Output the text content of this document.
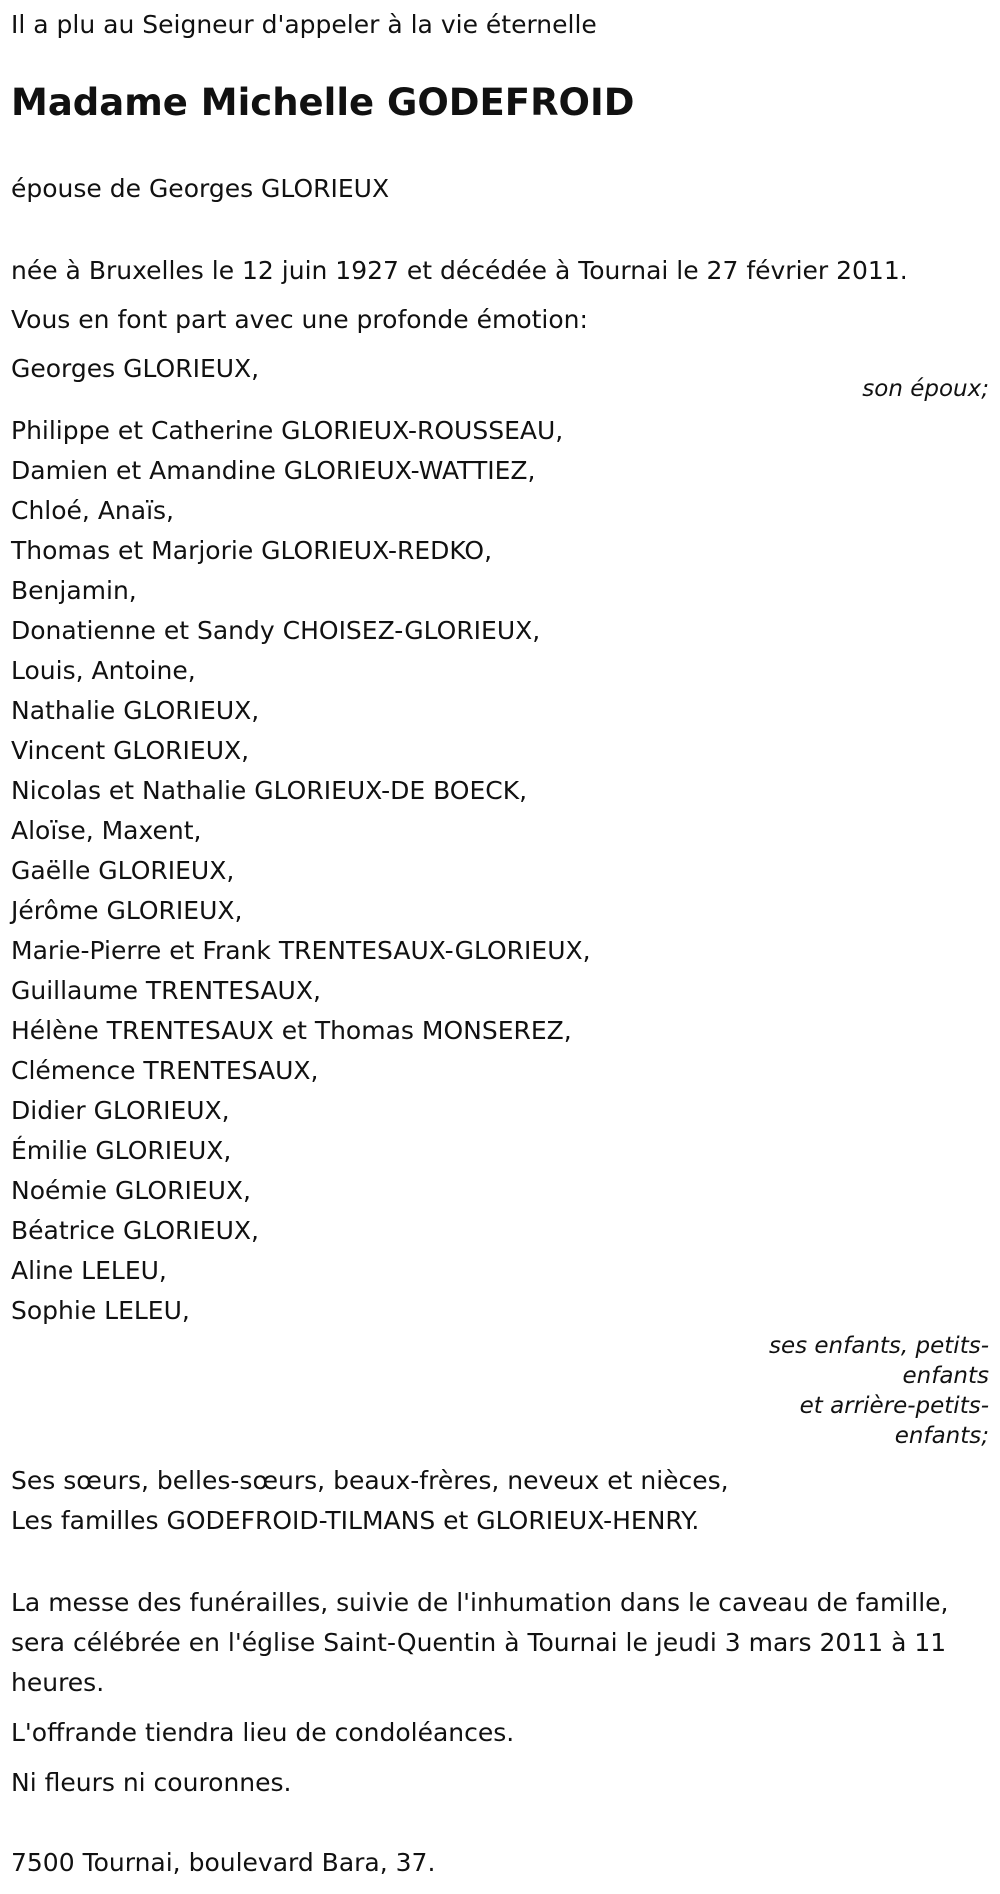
Il a plu au Seigneur d'appeler à la vie éternelle

Madame Michelle GODEFROID

épouse de Georges GLORIEUX

née à Bruxelles le 12 juin 1927 et décédée à Tournai le 27 février 2011.

Vous en font part avec une profonde émotion:

Georges GLORIEUX,

son époux;

Philippe et Catherine GLORIEUX-ROUSSEAU,

Damien et Amandine GLORIEUX-WATTIEZ,

Chloé, Anaïs,

Thomas et Marjorie GLORIEUX-REDKO,

Benjamin,

Donatienne et Sandy CHOISEZ-GLORIEUX,

Louis, Antoine,

Nathalie GLORIEUX,

Vincent GLORIEUX,

Nicolas et Nathalie GLORIEUX-DE BOECK,

Aloïse, Maxent,

Gaëlle GLORIEUX,

Jérôme GLORIEUX,

Marie-Pierre et Frank TRENTESAUX-GLORIEUX,

Guillaume TRENTESAUX,

Hélène TRENTESAUX et Thomas MONSEREZ,

Clémence TRENTESAUX,

Didier GLORIEUX,

Émilie GLORIEUX,

Noémie GLORIEUX,

Béatrice GLORIEUX,

Aline LELEU,

Sophie LELEU,

ses enfants, petits-enfants
et arrière-petits-enfants;

Ses sœurs, belles-sœurs, beaux-frères, neveux et nièces,

Les familles GODEFROID-TILMANS et GLORIEUX-HENRY.

La messe des funérailles, suivie de l'inhumation dans le caveau de famille, sera célébrée en l'église Saint-Quentin à Tournai le jeudi 3 mars 2011 à 11 heures.

L'offrande tiendra lieu de condoléances.

Ni fleurs ni couronnes.

7500 Tournai, boulevard Bara, 37.
